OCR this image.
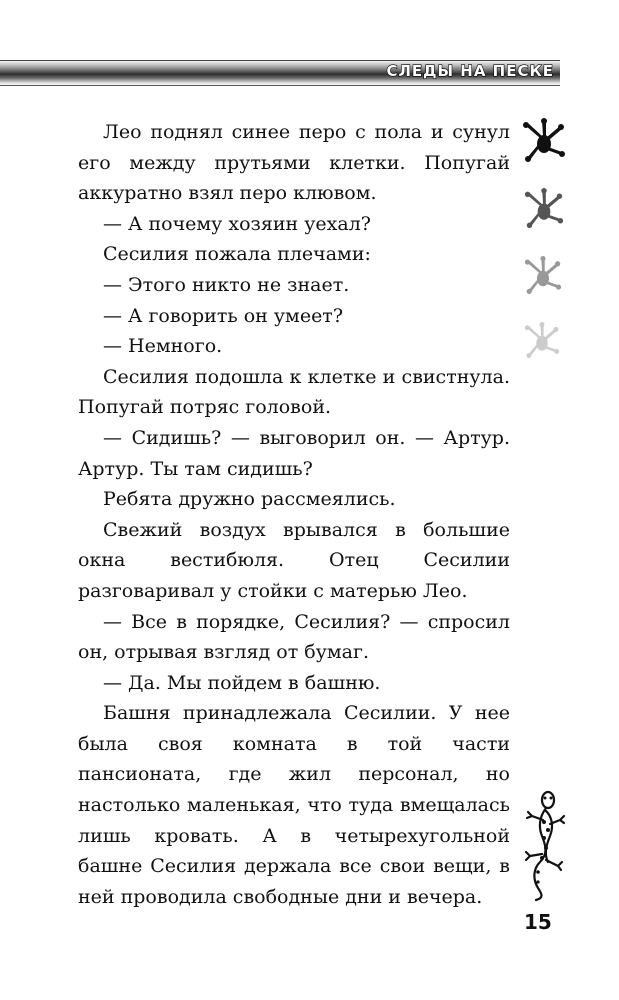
СЛЕДЫ НА ПЕСКЕ

Лео поднял синее перо с пола и сунул его между прутьями клетки. Попугай аккуратно взял перо клювом.

— А почему хозяин уехал?

Сесилия пожала плечами:

— Этого никто не знает.

— А говорить он умеет?

— Немного.

Сесилия подошла к клетке и свистнула. Попугай потряс головой.

— Сидишь? — выговорил он. — Артур. Артур. Ты там сидишь?

Ребята дружно рассмеялись.

Свежий воздух врывался в большие окна вестибюля. Отец Сесилии разговаривал у стойки с матерью Лео.

— Все в порядке, Сесилия? — спросил он, отрывая взгляд от бумаг.

— Да. Мы пойдем в башню.

Башня принадлежала Сесилии. У нее была своя комната в той части пансионата, где жил персонал, но настолько маленькая, что туда вмещалась лишь кровать. А в четырехугольной башне Сесилия держала все свои вещи, в ней проводила свободные дни и вечера.

15
